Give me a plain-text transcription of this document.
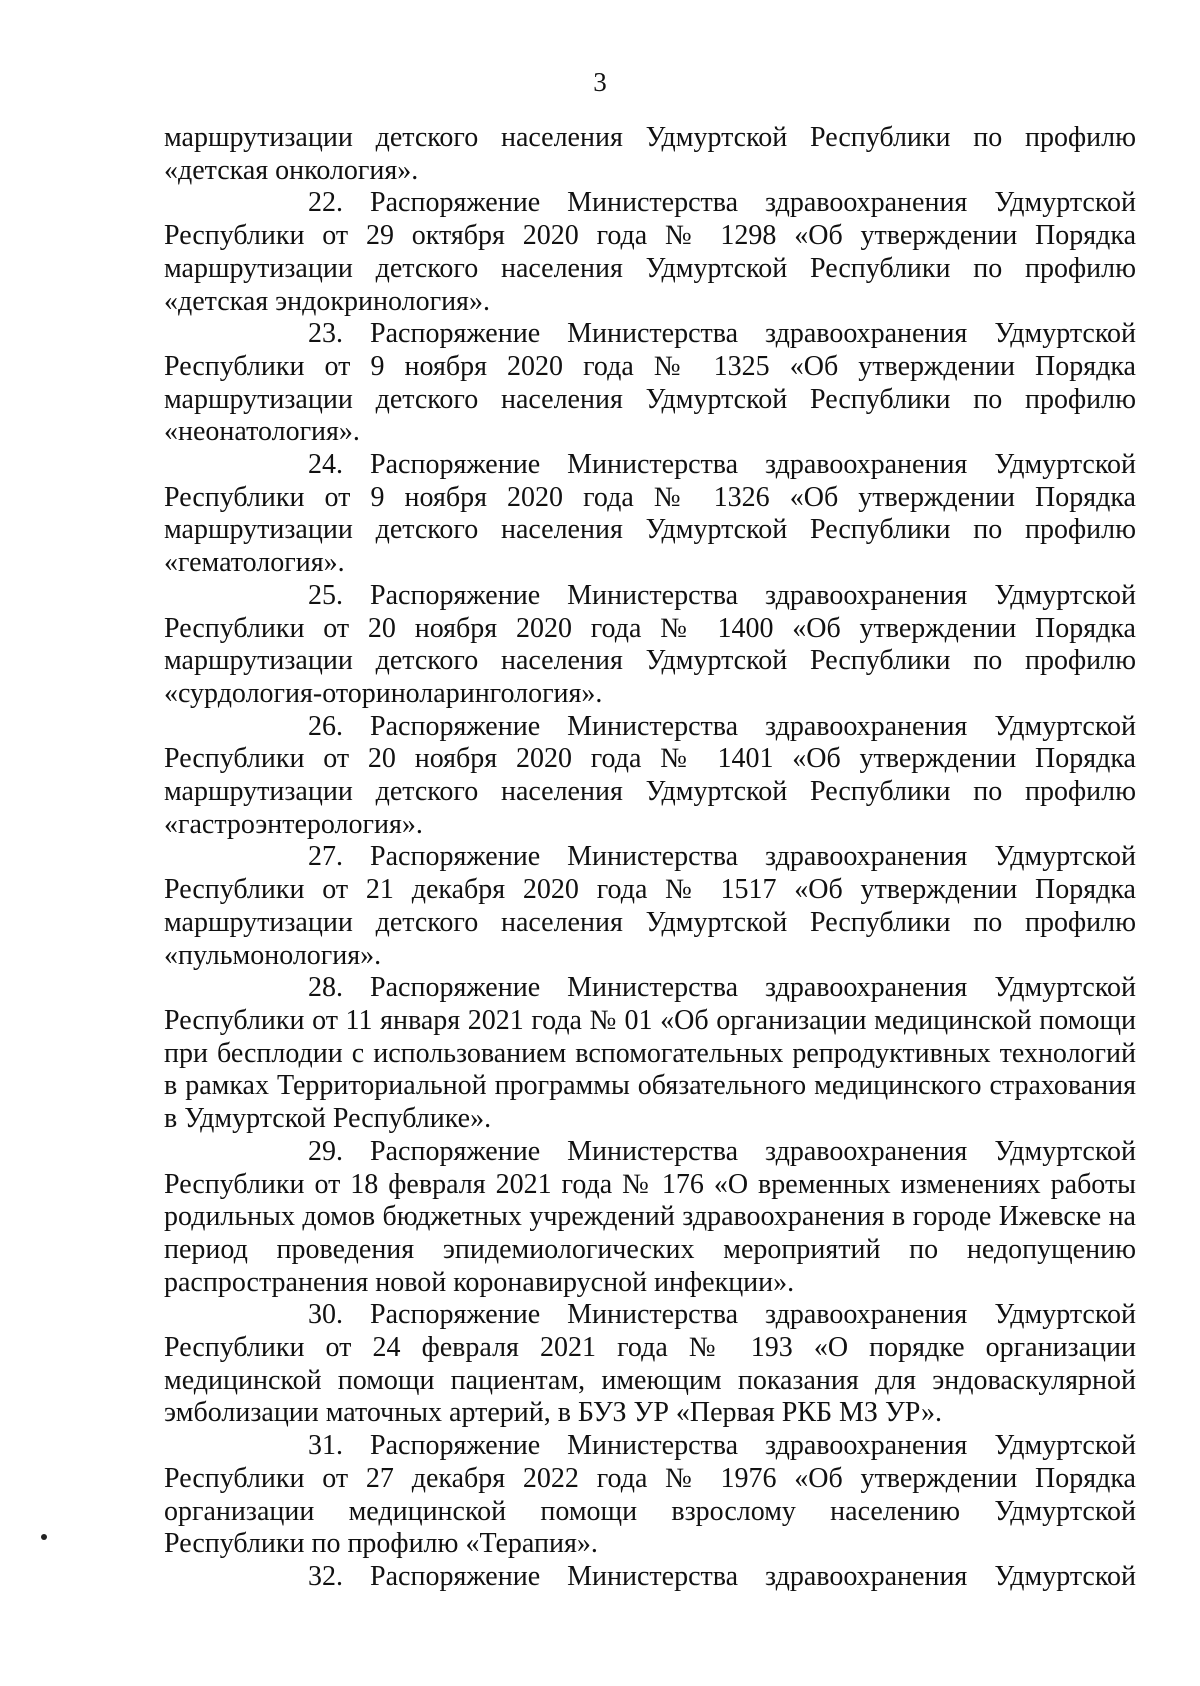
3

маршрутизации детского населения Удмуртской Республики по профилю «детская онкология».

22. Распоряжение Министерства здравоохранения Удмуртской Республики от 29 октября 2020 года № 1298 «Об утверждении Порядка маршрутизации детского населения Удмуртской Республики по профилю «детская эндокринология».

23. Распоряжение Министерства здравоохранения Удмуртской Республики от 9 ноября 2020 года № 1325 «Об утверждении Порядка маршрутизации детского населения Удмуртской Республики по профилю «неонатология».

24. Распоряжение Министерства здравоохранения Удмуртской Республики от 9 ноября 2020 года № 1326 «Об утверждении Порядка маршрутизации детского населения Удмуртской Республики по профилю «гематология».

25. Распоряжение Министерства здравоохранения Удмуртской Республики от 20 ноября 2020 года № 1400 «Об утверждении Порядка маршрутизации детского населения Удмуртской Республики по профилю «сурдология-оториноларингология».

26. Распоряжение Министерства здравоохранения Удмуртской Республики от 20 ноября 2020 года № 1401 «Об утверждении Порядка маршрутизации детского населения Удмуртской Республики по профилю «гастроэнтерология».

27. Распоряжение Министерства здравоохранения Удмуртской Республики от 21 декабря 2020 года № 1517 «Об утверждении Порядка маршрутизации детского населения Удмуртской Республики по профилю «пульмонология».

28. Распоряжение Министерства здравоохранения Удмуртской Республики от 11 января 2021 года № 01 «Об организации медицинской помощи при бесплодии с использованием вспомогательных репродуктивных технологий в рамках Территориальной программы обязательного медицинского страхования в Удмуртской Республике».

29. Распоряжение Министерства здравоохранения Удмуртской Республики от 18 февраля 2021 года № 176 «О временных изменениях работы родильных домов бюджетных учреждений здравоохранения в городе Ижевске на период проведения эпидемиологических мероприятий по недопущению распространения новой коронавирусной инфекции».

30. Распоряжение Министерства здравоохранения Удмуртской Республики от 24 февраля 2021 года № 193 «О порядке организации медицинской помощи пациентам, имеющим показания для эндоваскулярной эмболизации маточных артерий, в БУЗ УР «Первая РКБ МЗ УР».

31. Распоряжение Министерства здравоохранения Удмуртской Республики от 27 декабря 2022 года № 1976 «Об утверждении Порядка организации медицинской помощи взрослому населению Удмуртской Республики по профилю «Терапия».

32. Распоряжение Министерства здравоохранения Удмуртской
